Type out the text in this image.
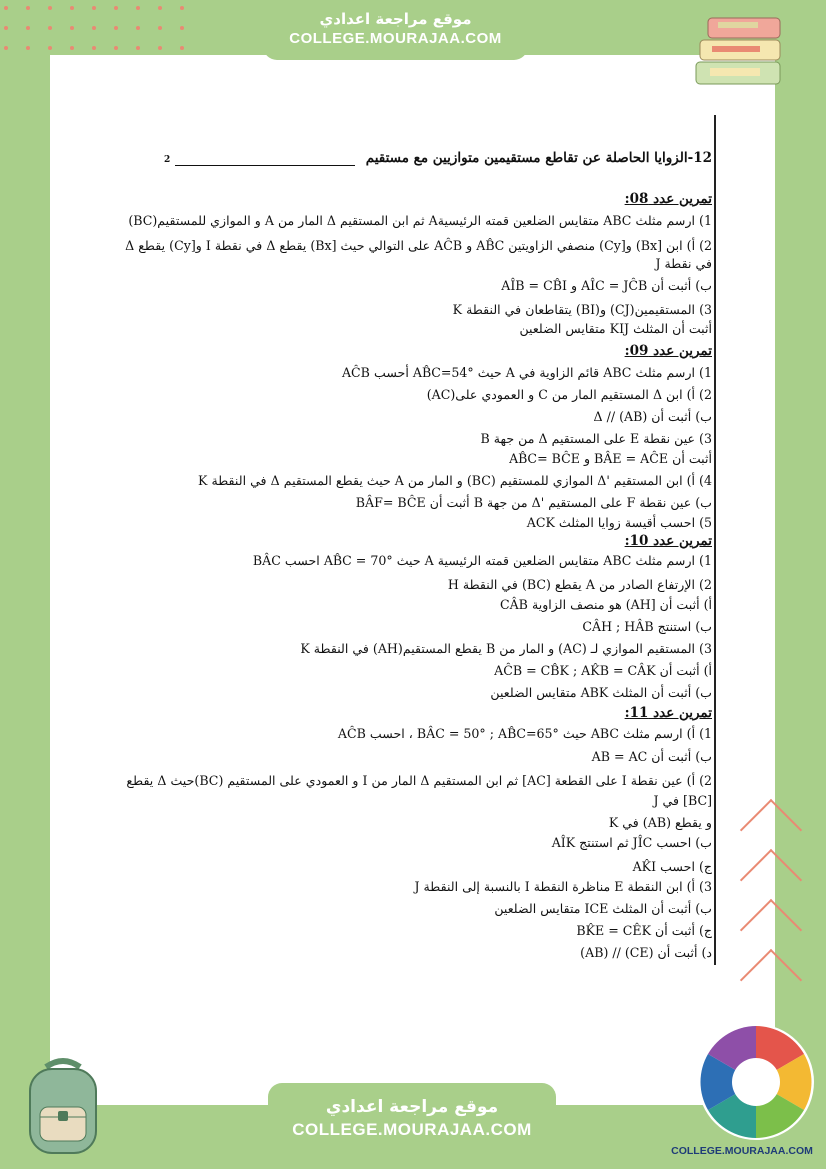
موقع مراجعة اعدادي
COLLEGE.MOURAJAA.COM
12-الزوايا الحاصلة عن تقاطع مستقيمين متوازيين مع مستقيم  2
تمرين عدد 08:
1) ارسم مثلث ABC متقايس الضلعين قمته الرئيسيةA ثم ابن المستقيم Δ المار من A و الموازي للمستقيم(BC)
2) أ) ابن [Bx) و[Cy) منصفي الزاويتين AB̂C و AĈB على التوالي حيث [Bx) يقطع Δ في نقطة I و[Cy) يقطع Δ
في نقطة J
ب) أثبت أن AÎC = JĈB و AÎB = CB̂I
3) المستقيمين(CJ) و(BI) يتقاطعان في النقطة K
أثبت أن المثلث KIJ متقايس الضلعين
تمرين عدد 09:
1) ارسم مثلث ABC قائم الزاوية في A حيث AB̂C=54° أحسب AĈB
2) أ) ابن Δ المستقيم المار من C و العمودي على(AC)
ب) أثبت أن Δ // (AB)
3) عين نقطة E على المستقيم Δ من جهة B
أثبت أن BÂE = AĈE و AB̂C= BĈE
4) أ) ابن المستقيم 'Δ الموازي للمستقيم (BC) و المار من A حيث يقطع المستقيم Δ في النقطة K
ب) عين نقطة F على المستقيم 'Δ من جهة B أثبت أن BÂF= BĈE
5) احسب أقيسة زوايا المثلث ACK
تمرين عدد 10:
1) ارسم مثلث ABC متقايس الضلعين قمته الرئيسية A حيث AB̂C = 70° احسب BÂC
2) الإرتفاع الصادر من A يقطع (BC) في النقطة H
أ) أثبت أن [AH) هو منصف الزاوية CÂB
ب) استنتج CÂH ; HÂB
3) المستقيم الموازي لـ (AC) و المار من B يقطع المستقيم(AH) في النقطة K
أ) أثبت أن AĈB = CB̂K ; AK̂B = CÂK
ب) أثبت أن المثلث ABK متقايس الضلعين
تمرين عدد 11:
1) أ) ارسم مثلث ABC حيث BÂC = 50° ; AB̂C=65° ، احسب AĈB
ب) أثبت أن AB = AC
2) أ) عين نقطة I على القطعة [AC] ثم ابن المستقيم Δ المار من I و العمودي على المستقيم (BC)حيث Δ يقطع
[BC] في J
و يقطع (AB) في K
ب) احسب JÎC ثم استنتج AÎK
ج) احسب AK̂I
3) أ) ابن النقطة E مناظرة النقطة I بالنسبة إلى النقطة J
ب) أثبت أن المثلث ICE متقايس الضلعين
ج) أثبت أن BK̂E = CÊK
د) أثبت أن (CE) // (AB)
موقع مراجعة اعدادي
COLLEGE.MOURAJAA.COM
COLLEGE.MOURAJAA.COM
